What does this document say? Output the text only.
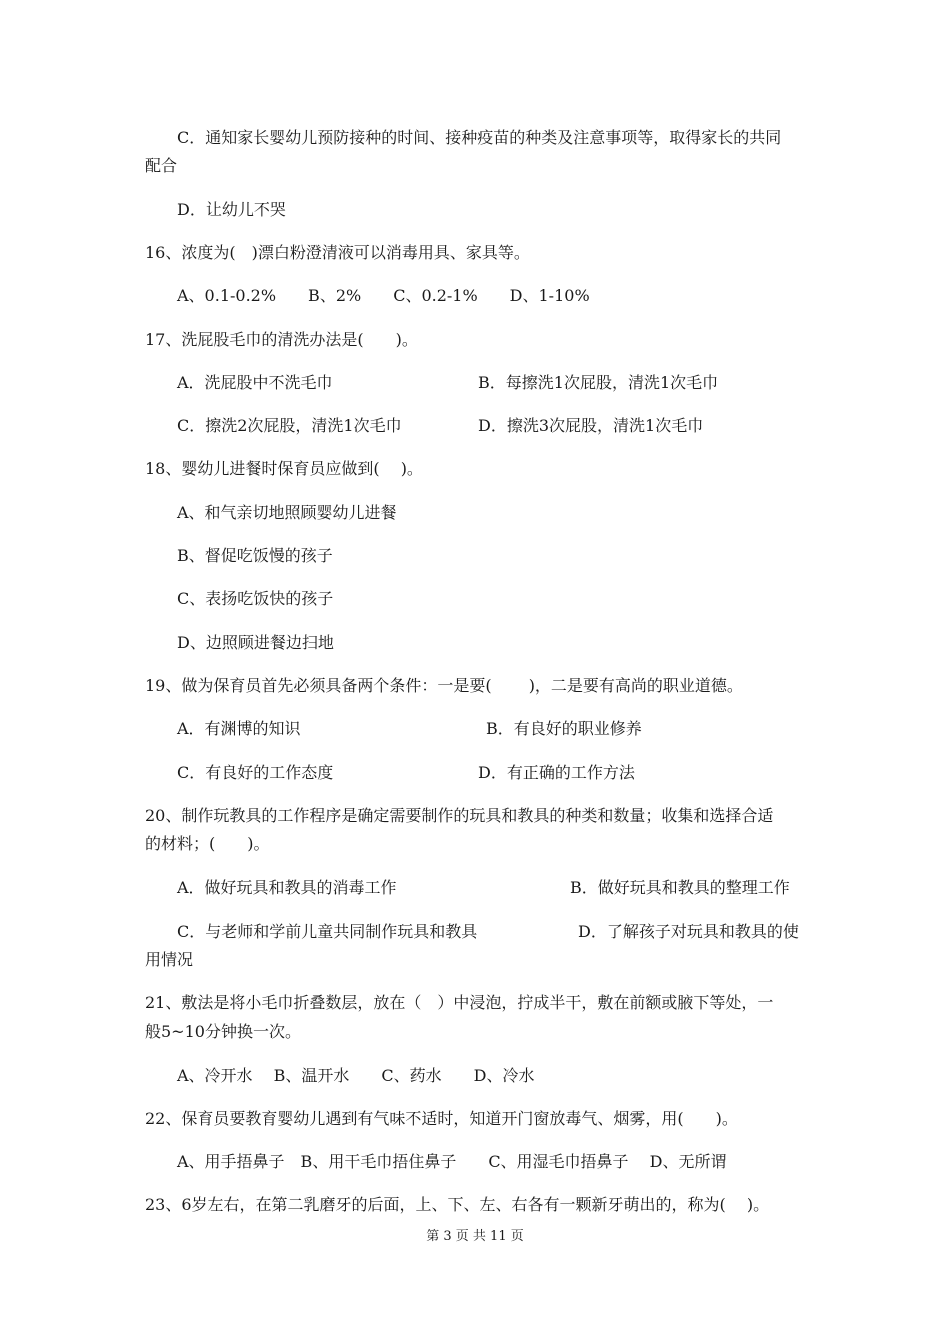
C．通知家长婴幼儿预防接种的时间、接种疫苗的种类及注意事项等，取得家长的共同
配合
D．让幼儿不哭
16、浓度为(　)漂白粉澄清液可以消毒用具、家具等。
A、0.1-0.2%　　B、2%　　C、0.2-1%　　D、1-10%
17、洗屁股毛巾的清洗办法是(　　)。
A．洗屁股中不洗毛巾	B．每擦洗1次屁股，清洗1次毛巾
C．擦洗2次屁股，清洗1次毛巾	D．擦洗3次屁股，清洗1次毛巾
18、婴幼儿进餐时保育员应做到(　 )。
A、和气亲切地照顾婴幼儿进餐
B、督促吃饭慢的孩子
C、表扬吃饭快的孩子
D、边照顾进餐边扫地
19、做为保育员首先必须具备两个条件：一是要(　　 )，二是要有高尚的职业道德。
A．有渊博的知识	B．有良好的职业修养
C．有良好的工作态度	D．有正确的工作方法
20、制作玩教具的工作程序是确定需要制作的玩具和教具的种类和数量；收集和选择合适
的材料；(　　)。
A．做好玩具和教具的消毒工作	B．做好玩具和教具的整理工作
C．与老师和学前儿童共同制作玩具和教具	D．了解孩子对玩具和教具的使
用情况
21、敷法是将小毛巾折叠数层，放在（　）中浸泡，拧成半干，敷在前额或腋下等处，一
般5~10分钟换一次。
A、冷开水　 B、温开水　　C、药水　　D、冷水
22、保育员要教育婴幼儿遇到有气味不适时，知道开门窗放毒气、烟雾，用(　　)。
A、用手捂鼻子　B、用干毛巾捂住鼻子　　C、用湿毛巾捂鼻子　 D、无所谓
23、6岁左右，在第二乳磨牙的后面，上、下、左、右各有一颗新牙萌出的，称为(　 )。
第 3 页 共 11 页
